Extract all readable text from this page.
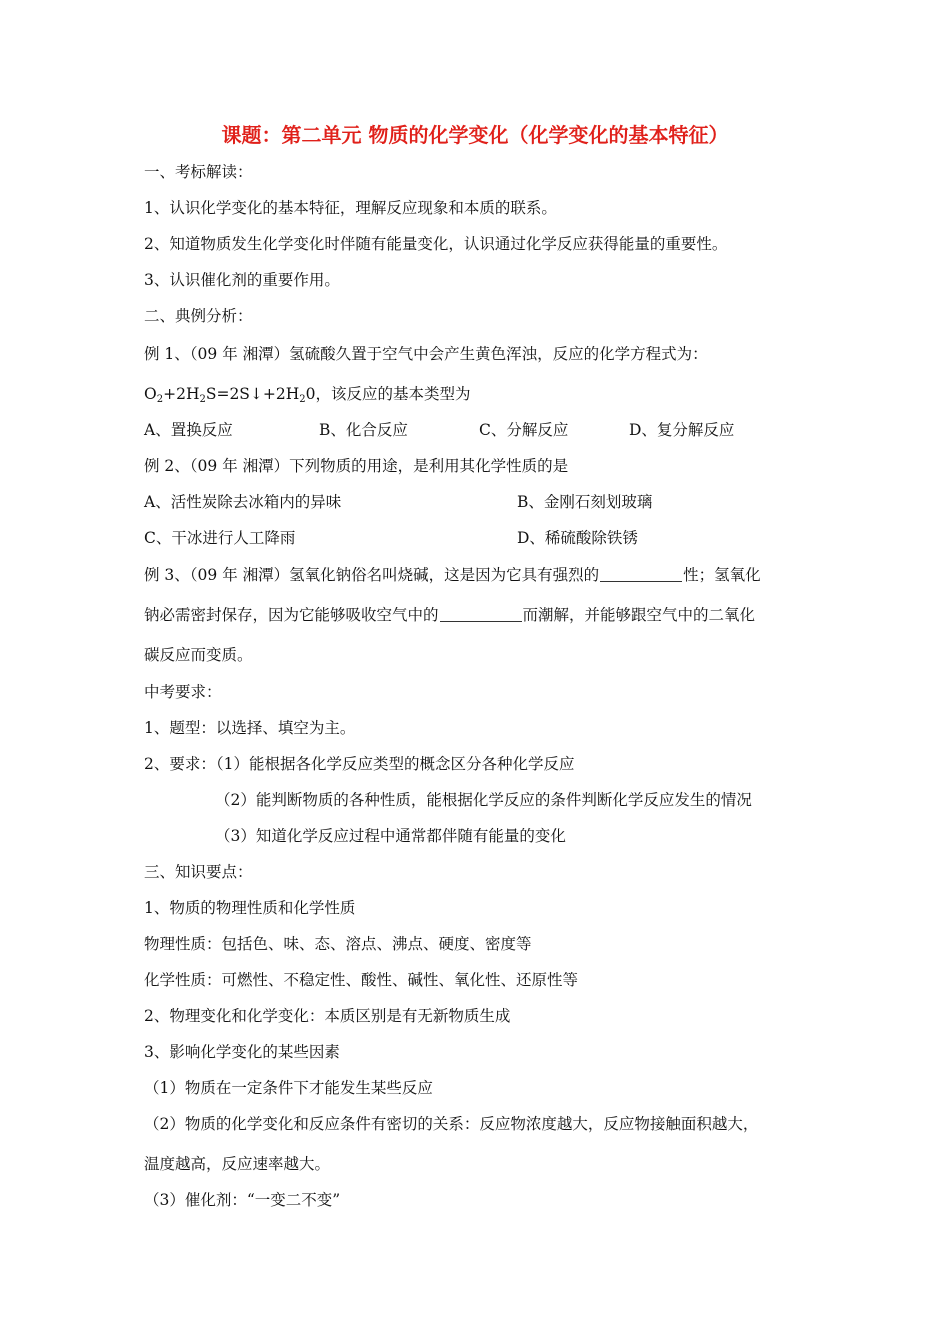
课题：第二单元 物质的化学变化（化学变化的基本特征）
一、考标解读：
1、认识化学变化的基本特征，理解反应现象和本质的联系。
2、知道物质发生化学变化时伴随有能量变化，认识通过化学反应获得能量的重要性。
3、认识催化剂的重要作用。
二、典例分析：
例 1、（09 年 湘潭）氢硫酸久置于空气中会产生黄色浑浊，反应的化学方程式为：
$O_2+2H_2S=2S↓+2H_20$，该反应的基本类型为
A、置换反应	B、化合反应	C、分解反应	D、复分解反应
例 2、（09 年 湘潭）下列物质的用途，是利用其化学性质的是
A、活性炭除去冰箱内的异味	B、金刚石刻划玻璃
C、干冰进行人工降雨	D、稀硫酸除铁锈
例 3、（09 年 湘潭）氢氧化钠俗名叫烧碱，这是因为它具有强烈的	性；氢氧化
钠必需密封保存，因为它能够吸收空气中的	而潮解，并能够跟空气中的二氧化
碳反应而变质。
中考要求：
1、题型：以选择、填空为主。
2、要求：（1）能根据各化学反应类型的概念区分各种化学反应
（2）能判断物质的各种性质，能根据化学反应的条件判断化学反应发生的情况
（3）知道化学反应过程中通常都伴随有能量的变化
三、知识要点：
1、物质的物理性质和化学性质
物理性质：包括色、味、态、溶点、沸点、硬度、密度等
化学性质：可燃性、不稳定性、酸性、碱性、氧化性、还原性等
2、物理变化和化学变化：本质区别是有无新物质生成
3、影响化学变化的某些因素
（1）物质在一定条件下才能发生某些反应
（2）物质的化学变化和反应条件有密切的关系：反应物浓度越大，反应物接触面积越大，
温度越高，反应速率越大。
（3）催化剂：“一变二不变”
